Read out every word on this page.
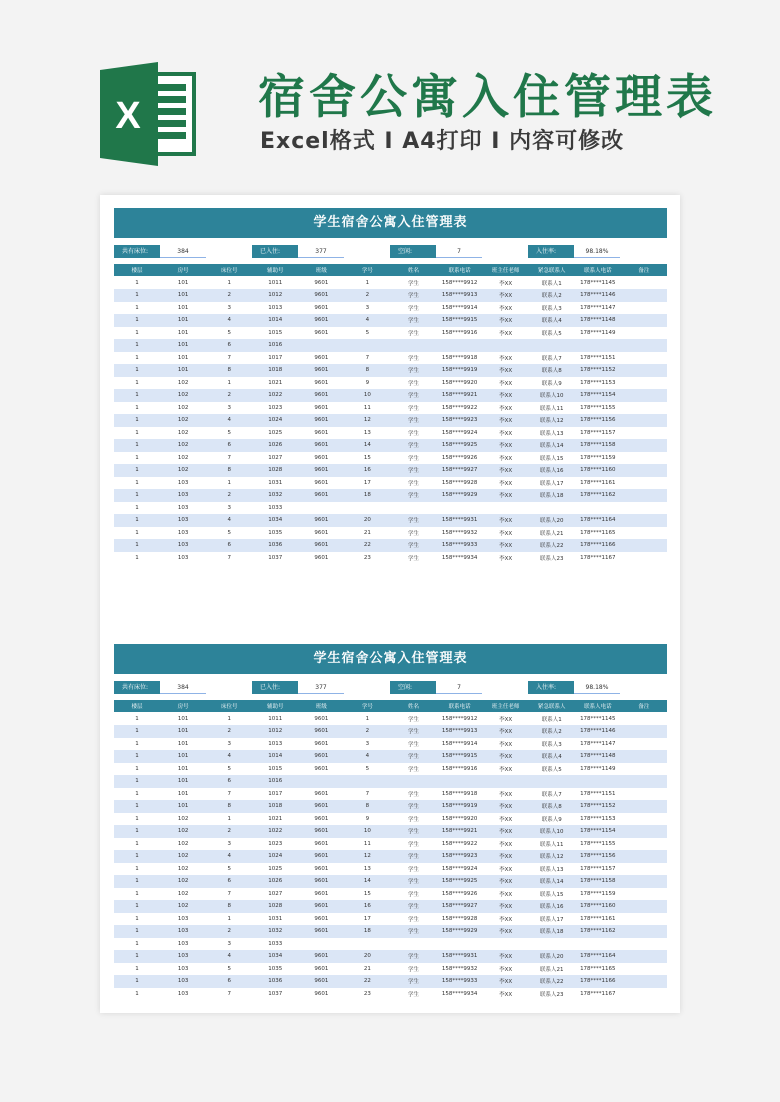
X 宿舍公寓入住管理表
Excel格式 I A4打印 I 内容可修改
学生宿舍公寓入住管理表
共有床位:	384	已入住:	377	空闲:	7	入住率:	98.18%
楼层	房号	床位号	辅助号	班级	学号	姓名	联系电话	班主任老师	紧急联系人	联系人电话	备注
1	101	1	1011	9601	1	学生	158****9912	李XX	联系人1	178****1145	
1	101	2	1012	9601	2	学生	158****9913	李XX	联系人2	178****1146	
1	101	3	1013	9601	3	学生	158****9914	李XX	联系人3	178****1147	
1	101	4	1014	9601	4	学生	158****9915	李XX	联系人4	178****1148	
1	101	5	1015	9601	5	学生	158****9916	李XX	联系人5	178****1149	
1	101	6	1016								
1	101	7	1017	9601	7	学生	158****9918	李XX	联系人7	178****1151	
1	101	8	1018	9601	8	学生	158****9919	李XX	联系人8	178****1152	
1	102	1	1021	9601	9	学生	158****9920	李XX	联系人9	178****1153	
1	102	2	1022	9601	10	学生	158****9921	李XX	联系人10	178****1154	
1	102	3	1023	9601	11	学生	158****9922	李XX	联系人11	178****1155	
1	102	4	1024	9601	12	学生	158****9923	李XX	联系人12	178****1156	
1	102	5	1025	9601	13	学生	158****9924	李XX	联系人13	178****1157	
1	102	6	1026	9601	14	学生	158****9925	李XX	联系人14	178****1158	
1	102	7	1027	9601	15	学生	158****9926	李XX	联系人15	178****1159	
1	102	8	1028	9601	16	学生	158****9927	李XX	联系人16	178****1160	
1	103	1	1031	9601	17	学生	158****9928	李XX	联系人17	178****1161	
1	103	2	1032	9601	18	学生	158****9929	李XX	联系人18	178****1162	
1	103	3	1033								
1	103	4	1034	9601	20	学生	158****9931	李XX	联系人20	178****1164	
1	103	5	1035	9601	21	学生	158****9932	李XX	联系人21	178****1165	
1	103	6	1036	9601	22	学生	158****9933	李XX	联系人22	178****1166	
1	103	7	1037	9601	23	学生	158****9934	李XX	联系人23	178****1167	
学生宿舍公寓入住管理表
共有床位:	384	已入住:	377	空闲:	7	入住率:	98.18%
楼层	房号	床位号	辅助号	班级	学号	姓名	联系电话	班主任老师	紧急联系人	联系人电话	备注
1	101	1	1011	9601	1	学生	158****9912	李XX	联系人1	178****1145	
1	101	2	1012	9601	2	学生	158****9913	李XX	联系人2	178****1146	
1	101	3	1013	9601	3	学生	158****9914	李XX	联系人3	178****1147	
1	101	4	1014	9601	4	学生	158****9915	李XX	联系人4	178****1148	
1	101	5	1015	9601	5	学生	158****9916	李XX	联系人5	178****1149	
1	101	6	1016								
1	101	7	1017	9601	7	学生	158****9918	李XX	联系人7	178****1151	
1	101	8	1018	9601	8	学生	158****9919	李XX	联系人8	178****1152	
1	102	1	1021	9601	9	学生	158****9920	李XX	联系人9	178****1153	
1	102	2	1022	9601	10	学生	158****9921	李XX	联系人10	178****1154	
1	102	3	1023	9601	11	学生	158****9922	李XX	联系人11	178****1155	
1	102	4	1024	9601	12	学生	158****9923	李XX	联系人12	178****1156	
1	102	5	1025	9601	13	学生	158****9924	李XX	联系人13	178****1157	
1	102	6	1026	9601	14	学生	158****9925	李XX	联系人14	178****1158	
1	102	7	1027	9601	15	学生	158****9926	李XX	联系人15	178****1159	
1	102	8	1028	9601	16	学生	158****9927	李XX	联系人16	178****1160	
1	103	1	1031	9601	17	学生	158****9928	李XX	联系人17	178****1161	
1	103	2	1032	9601	18	学生	158****9929	李XX	联系人18	178****1162	
1	103	3	1033								
1	103	4	1034	9601	20	学生	158****9931	李XX	联系人20	178****1164	
1	103	5	1035	9601	21	学生	158****9932	李XX	联系人21	178****1165	
1	103	6	1036	9601	22	学生	158****9933	李XX	联系人22	178****1166	
1	103	7	1037	9601	23	学生	158****9934	李XX	联系人23	178****1167	
